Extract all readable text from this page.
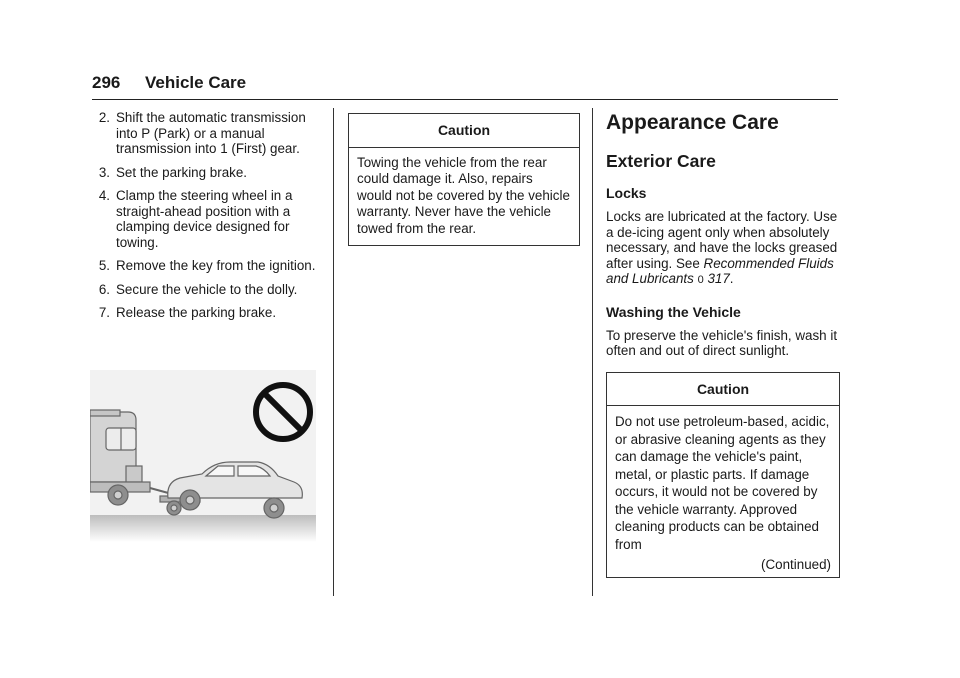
296 Vehicle Care
2. Shift the automatic transmission into P (Park) or a manual transmission into 1 (First) gear.
3. Set the parking brake.
4. Clamp the steering wheel in a straight-ahead position with a clamping device designed for towing.
5. Remove the key from the ignition.
6. Secure the vehicle to the dolly.
7. Release the parking brake.
Caution
Towing the vehicle from the rear could damage it. Also, repairs would not be covered by the vehicle warranty. Never have the vehicle towed from the rear.
Appearance Care
Exterior Care
Locks

Locks are lubricated at the factory. Use a de-icing agent only when absolutely necessary, and have the locks greased after using. See Recommended Fluids and Lubricants 0 317.

Washing the Vehicle

To preserve the vehicle's finish, wash it often and out of direct sunlight.

Caution
Do not use petroleum-based, acidic, or abrasive cleaning agents as they can damage the vehicle's paint, metal, or plastic parts. If damage occurs, it would not be covered by the vehicle warranty. Approved cleaning products can be obtained from
(Continued)
